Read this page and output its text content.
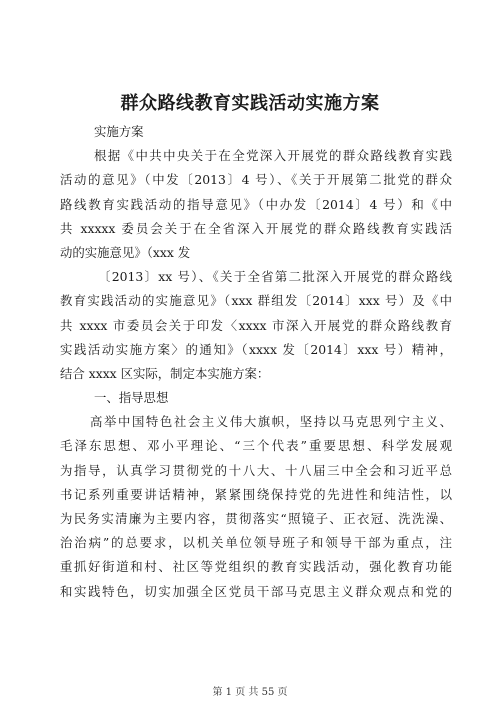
群众路线教育实践活动实施方案

实施方案

根据《中共中央关于在全党深入开展党的群众路线教育实践

活动的意见》（中发〔2013〕4 号）、《关于开展第二批党的群众

路线教育实践活动的指导意见》（中办发〔2014〕4 号）和《中

共 xxxxx 委员会关于在全省深入开展党的群众路线教育实践活

动的实施意见》（xxx 发

〔2013〕xx 号）、《关于全省第二批深入开展党的群众路线

教育实践活动的实施意见》（xxx 群组发〔2014〕xxx 号）及《中

共 xxxx 市委员会关于印发〈xxxx 市深入开展党的群众路线教育

实践活动实施方案〉的通知》（xxxx 发〔2014〕xxx 号）精神，

结合 xxxx 区实际，制定本实施方案：

一、指导思想

高举中国特色社会主义伟大旗帜，坚持以马克思列宁主义、

毛泽东思想、邓小平理论、“三个代表”重要思想、科学发展观

为指导，认真学习贯彻党的十八大、十八届三中全会和习近平总

书记系列重要讲话精神，紧紧围绕保持党的先进性和纯洁性，以

为民务实清廉为主要内容，贯彻落实“照镜子、正衣冠、洗洗澡、

治治病”的总要求，以机关单位领导班子和领导干部为重点，注

重抓好街道和村、社区等党组织的教育实践活动，强化教育功能

和实践特色，切实加强全区党员干部马克思主义群众观点和党的

第 1 页 共 55 页
